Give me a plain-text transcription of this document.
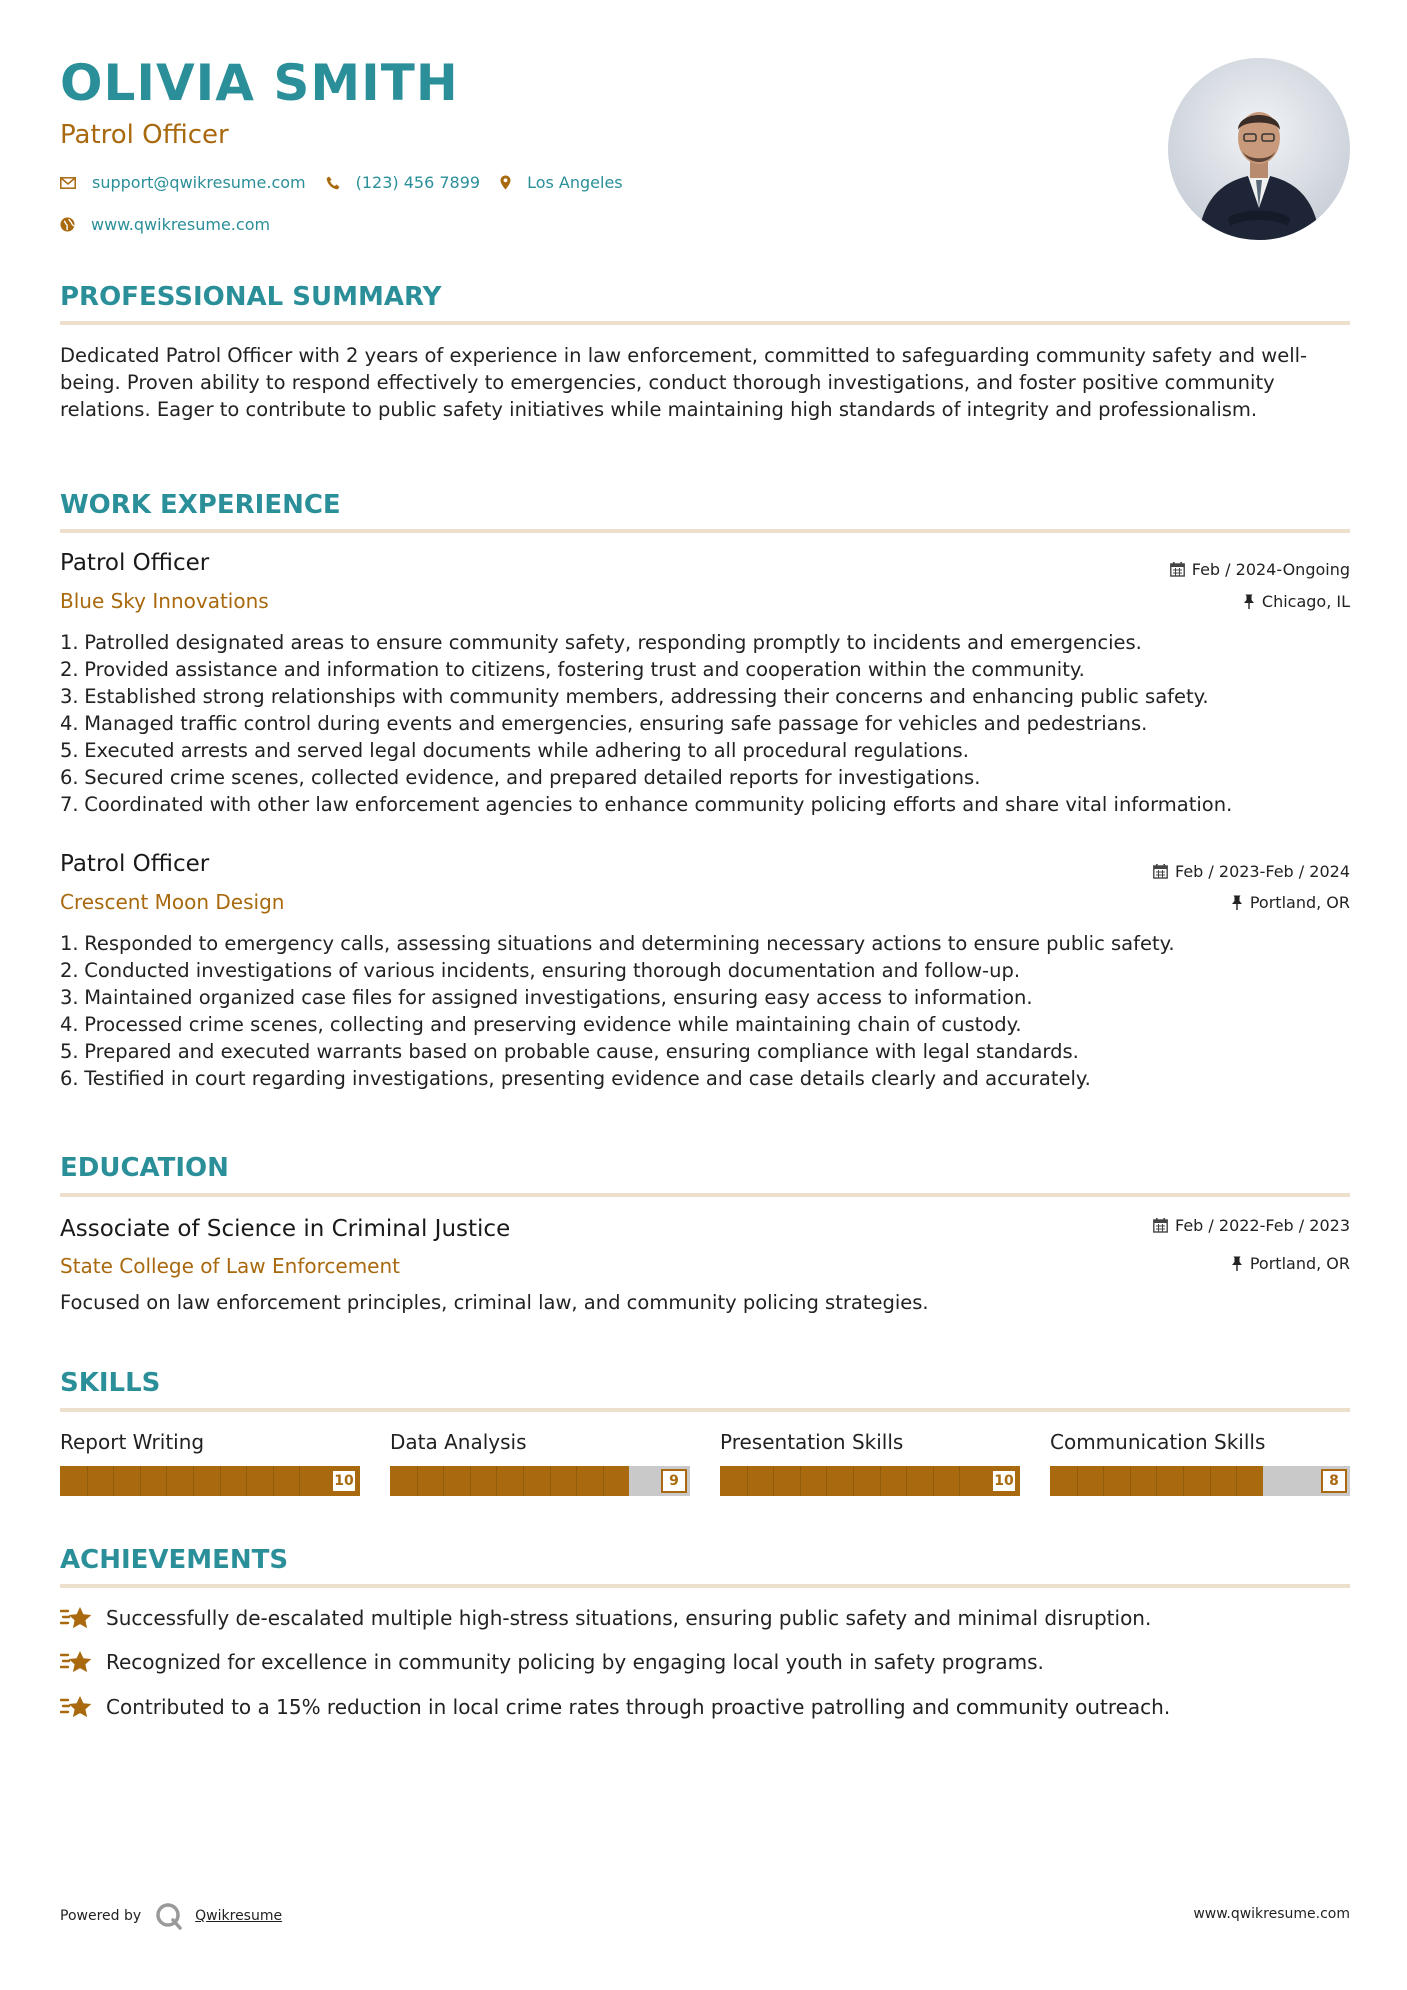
OLIVIA SMITH
Patrol Officer
support@qwikresume.com	(123) 456 7899	Los Angeles
www.qwikresume.com
PROFESSIONAL SUMMARY
Dedicated Patrol Officer with 2 years of experience in law enforcement, committed to safeguarding community safety and well-being. Proven ability to respond effectively to emergencies, conduct thorough investigations, and foster positive community relations. Eager to contribute to public safety initiatives while maintaining high standards of integrity and professionalism.
WORK EXPERIENCE
Patrol Officer	Feb / 2024-Ongoing
Blue Sky Innovations	Chicago, IL
1.
Patrolled designated areas to ensure community safety, responding promptly to incidents and emergencies.
2.
Provided assistance and information to citizens, fostering trust and cooperation within the community.
3.
Established strong relationships with community members, addressing their concerns and enhancing public safety.
4.
Managed traffic control during events and emergencies, ensuring safe passage for vehicles and pedestrians.
5.
Executed arrests and served legal documents while adhering to all procedural regulations.
6.
Secured crime scenes, collected evidence, and prepared detailed reports for investigations.
7.
Coordinated with other law enforcement agencies to enhance community policing efforts and share vital information.
Patrol Officer	Feb / 2023-Feb / 2024
Crescent Moon Design	Portland, OR
1.
Responded to emergency calls, assessing situations and determining necessary actions to ensure public safety.
2.
Conducted investigations of various incidents, ensuring thorough documentation and follow-up.
3.
Maintained organized case files for assigned investigations, ensuring easy access to information.
4.
Processed crime scenes, collecting and preserving evidence while maintaining chain of custody.
5.
Prepared and executed warrants based on probable cause, ensuring compliance with legal standards.
6.
Testified in court regarding investigations, presenting evidence and case details clearly and accurately.
EDUCATION
Associate of Science in Criminal Justice	Feb / 2022-Feb / 2023
State College of Law Enforcement	Portland, OR
Focused on law enforcement principles, criminal law, and community policing strategies.
SKILLS
Report Writing
10
Data Analysis
9
Presentation Skills
10
Communication Skills
8
ACHIEVEMENTS
Successfully de-escalated multiple high-stress situations, ensuring public safety and minimal disruption.
Recognized for excellence in community policing by engaging local youth in safety programs.
Contributed to a 15% reduction in local crime rates through proactive patrolling and community outreach.
Powered by	Qwikresume	www.qwikresume.com
